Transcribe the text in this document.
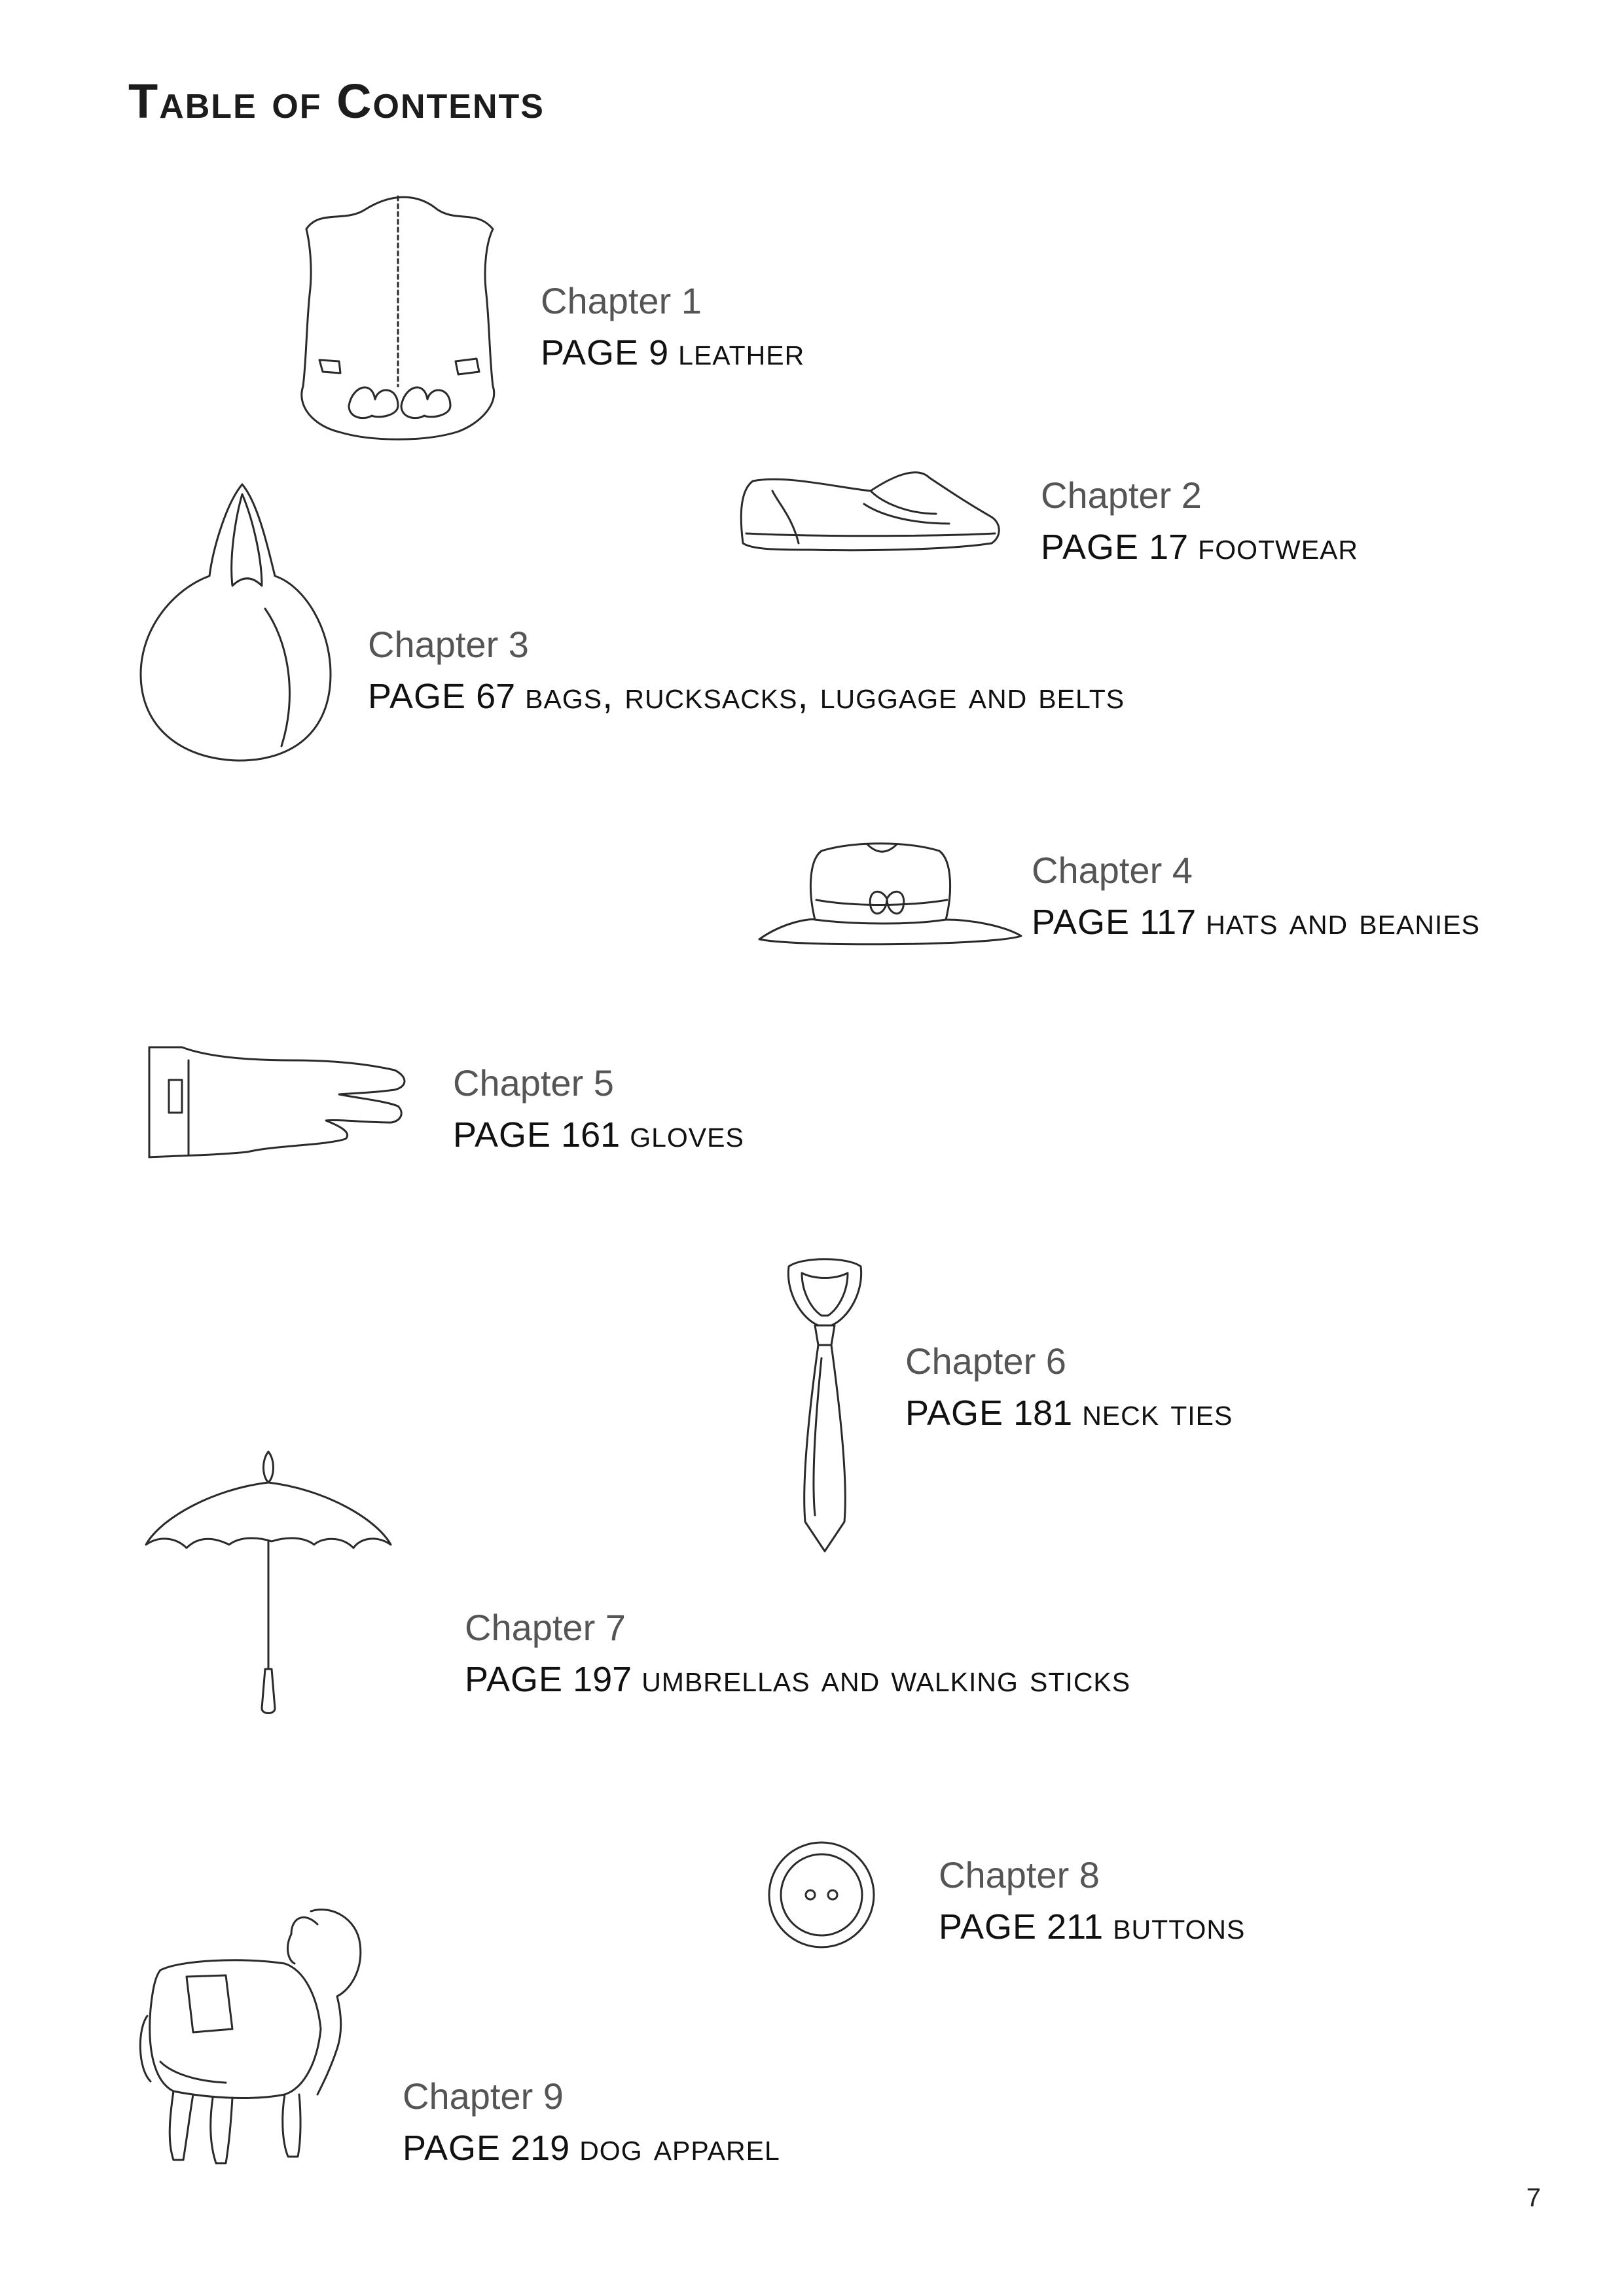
Table of Contents
Chapter 1
PAGE 9 leather
Chapter 2
PAGE 17 footwear
Chapter 3
PAGE 67 bags, rucksacks, luggage and belts
Chapter 4
PAGE 117 hats and beanies
Chapter 5
PAGE 161 gloves
Chapter 6
PAGE 181 neck ties
Chapter 7
PAGE 197 umbrellas and walking sticks
Chapter 8
PAGE 211 buttons
Chapter 9
PAGE 219 dog apparel
7
